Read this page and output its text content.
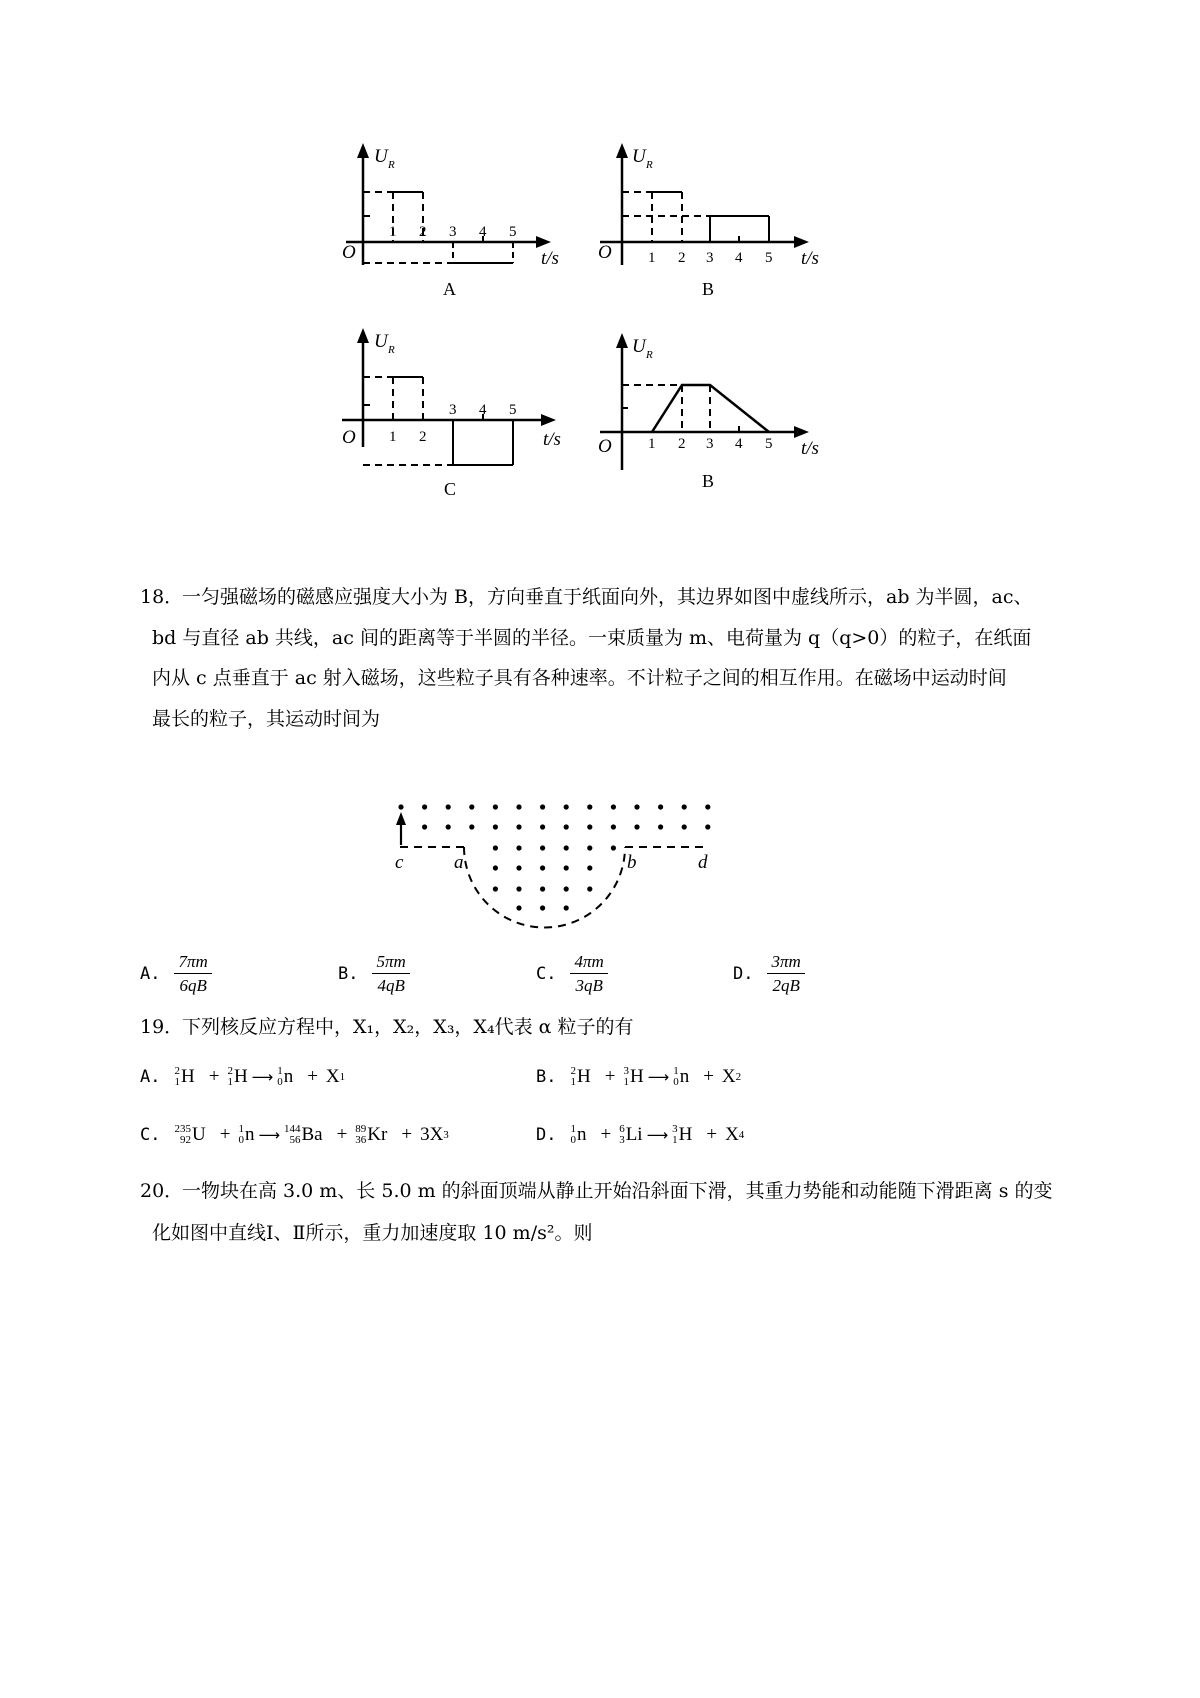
U R
O	t/s
1 2 3 4 5
A
U R
O	t/s
1 2 3 4 5
B
U R
O	t/s
1 2
3 4 5
C
U R
O	t/s
1 2 3 4 5
B
18．
一匀强磁场的磁感应强度大小为 B，方向垂直于纸面向外，其边界如图中虚线所示，ab 为半圆，ac、
bd 与直径 ab 共线，ac 间的距离等于半圆的半径。一束质量为 m、电荷量为 q（q>0）的粒子，在纸面
内从 c 点垂直于 ac 射入磁场，这些粒子具有各种速率。不计粒子之间的相互作用。在磁场中运动时间
最长的粒子，其运动时间为
c	a	b	d
A. $\frac{7\pi m}{6qB}$	B. $\frac{5\pi m}{4qB}$	C. $\frac{4\pi m}{3qB}$	D. $\frac{3\pi m}{2qB}$
19．
下列核反应方程中，X₁，X₂，X₃，X₄代表 α 粒子的有
A. 2
1 H + 2
1 H ⟶ 1
0 n + X 1	B. 2
1 H + 3
1 H ⟶ 1
0 n + X 2
C. 235
92 U + 1
0 n ⟶ 144
56 Ba + 89
36 Kr + 3 X 3	D. 1
0 n + 6
3 Li ⟶ 3
1 H + X 4
20．
一物块在高 3.0 m、长 5.0 m 的斜面顶端从静止开始沿斜面下滑，其重力势能和动能随下滑距离 s 的变
化如图中直线Ⅰ、Ⅱ所示，重力加速度取 10 m/s²。则
